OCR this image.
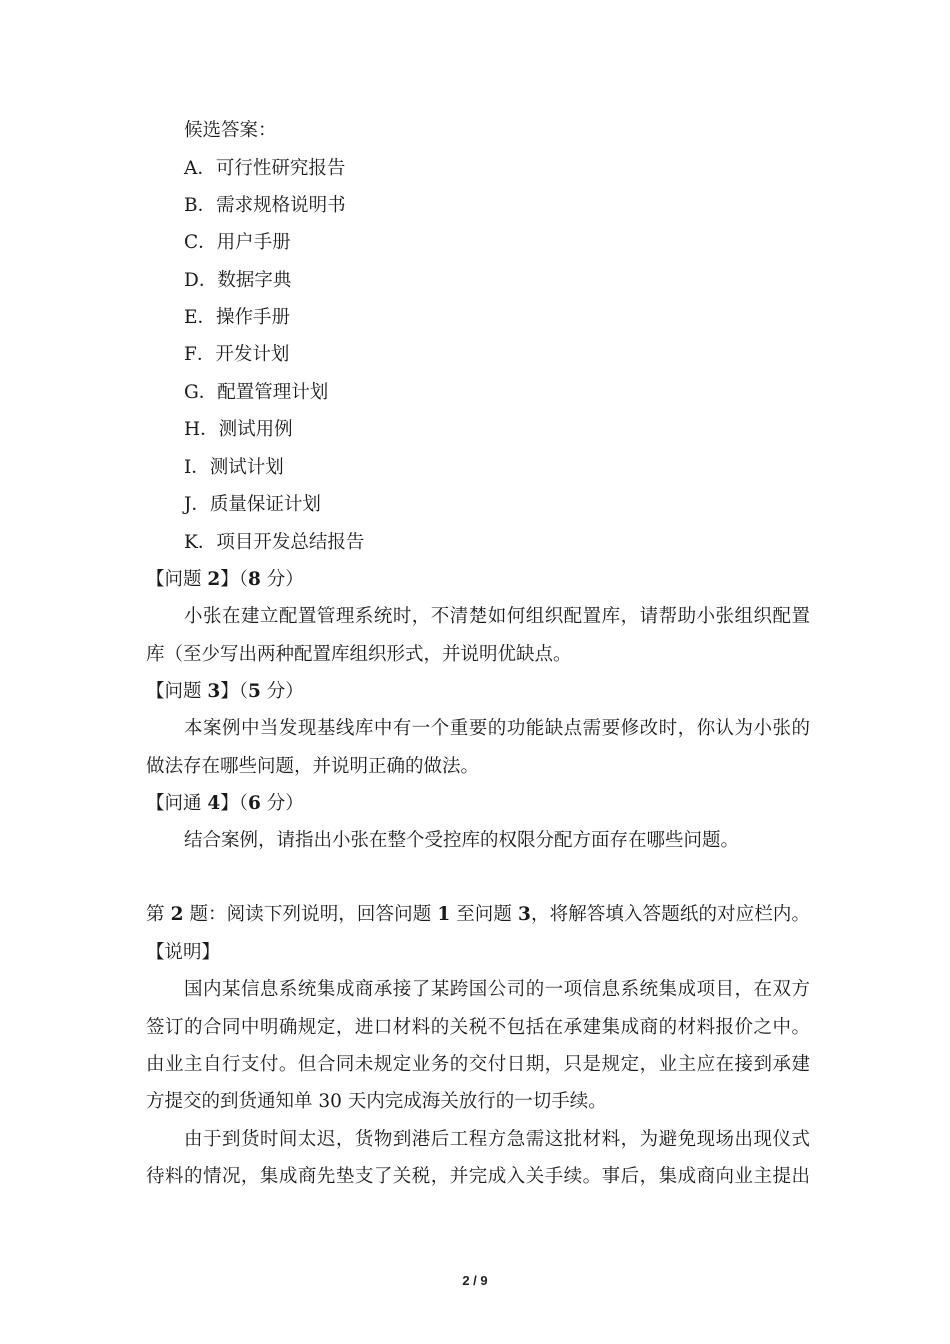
候选答案：
A．可行性研究报告
B．需求规格说明书
C．用户手册
D．数据字典
E．操作手册
F．开发计划
G．配置管理计划
H．测试用例
I．测试计划
J．质量保证计划
K．项目开发总结报告
【问题 2】（8 分）
小张在建立配置管理系统时，不清楚如何组织配置库，请帮助小张组织配置
库（至少写出两种配置库组织形式，并说明优缺点。
【问题 3】（5 分）
本案例中当发现基线库中有一个重要的功能缺点需要修改时，你认为小张的
做法存在哪些问题，并说明正确的做法。
【问通 4】（6 分）
结合案例，请指出小张在整个受控库的权限分配方面存在哪些问题。
第 2 题：阅读下列说明，回答问题 1 至问题 3，将解答填入答题纸的对应栏内。
【说明】
国内某信息系统集成商承接了某跨国公司的一项信息系统集成项目，在双方
签订的合同中明确规定，进口材料的关税不包括在承建集成商的材料报价之中。
由业主自行支付。但合同未规定业务的交付日期，只是规定，业主应在接到承建
方提交的到货通知单 30 天内完成海关放行的一切手续。
由于到货时间太迟，货物到港后工程方急需这批材料，为避免现场出现仪式
待料的情况，集成商先垫支了关税，并完成入关手续。事后，集成商向业主提出
2 / 9
